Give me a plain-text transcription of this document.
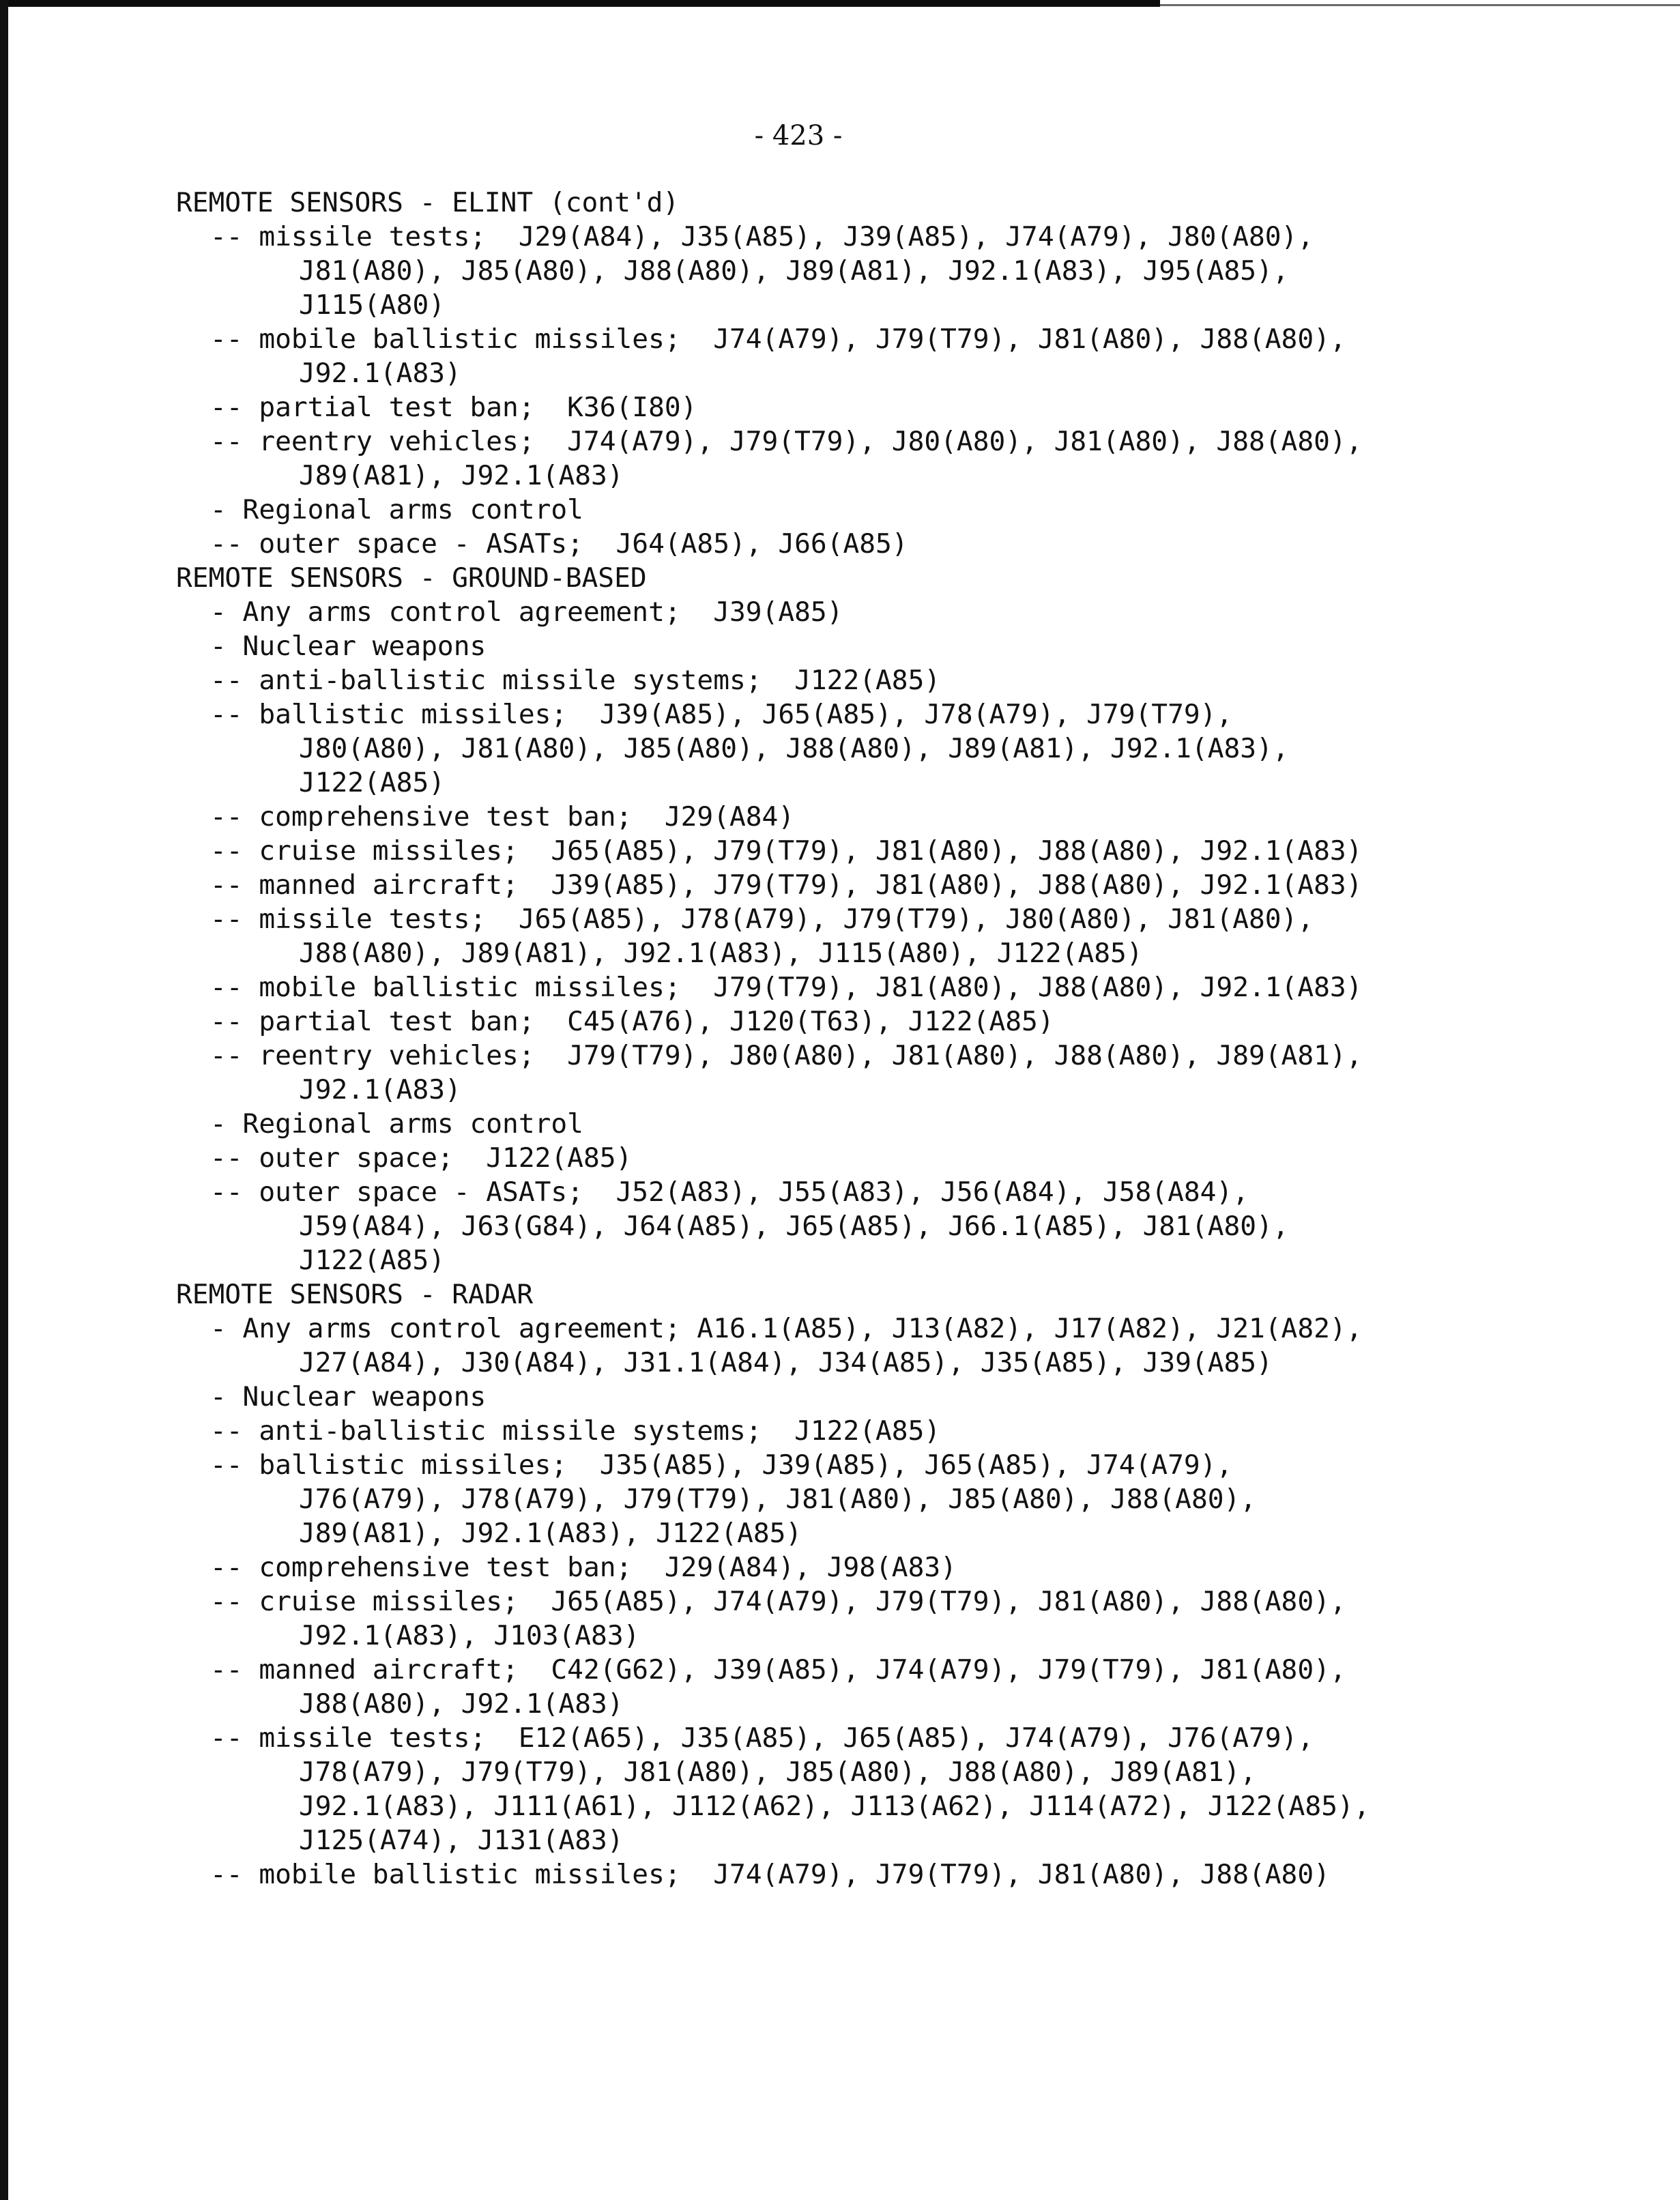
- 423 -
REMOTE SENSORS - ELINT (cont'd)
-- missile tests;  J29(A84), J35(A85), J39(A85), J74(A79), J80(A80),
J81(A80), J85(A80), J88(A80), J89(A81), J92.1(A83), J95(A85),
J115(A80)
-- mobile ballistic missiles;  J74(A79), J79(T79), J81(A80), J88(A80),
J92.1(A83)
-- partial test ban;  K36(I80)
-- reentry vehicles;  J74(A79), J79(T79), J80(A80), J81(A80), J88(A80),
J89(A81), J92.1(A83)
- Regional arms control
-- outer space - ASATs;  J64(A85), J66(A85)
REMOTE SENSORS - GROUND-BASED
- Any arms control agreement;  J39(A85)
- Nuclear weapons
-- anti-ballistic missile systems;  J122(A85)
-- ballistic missiles;  J39(A85), J65(A85), J78(A79), J79(T79),
J80(A80), J81(A80), J85(A80), J88(A80), J89(A81), J92.1(A83),
J122(A85)
-- comprehensive test ban;  J29(A84)
-- cruise missiles;  J65(A85), J79(T79), J81(A80), J88(A80), J92.1(A83)
-- manned aircraft;  J39(A85), J79(T79), J81(A80), J88(A80), J92.1(A83)
-- missile tests;  J65(A85), J78(A79), J79(T79), J80(A80), J81(A80),
J88(A80), J89(A81), J92.1(A83), J115(A80), J122(A85)
-- mobile ballistic missiles;  J79(T79), J81(A80), J88(A80), J92.1(A83)
-- partial test ban;  C45(A76), J120(T63), J122(A85)
-- reentry vehicles;  J79(T79), J80(A80), J81(A80), J88(A80), J89(A81),
J92.1(A83)
- Regional arms control
-- outer space;  J122(A85)
-- outer space - ASATs;  J52(A83), J55(A83), J56(A84), J58(A84),
J59(A84), J63(G84), J64(A85), J65(A85), J66.1(A85), J81(A80),
J122(A85)
REMOTE SENSORS - RADAR
- Any arms control agreement; A16.1(A85), J13(A82), J17(A82), J21(A82),
J27(A84), J30(A84), J31.1(A84), J34(A85), J35(A85), J39(A85)
- Nuclear weapons
-- anti-ballistic missile systems;  J122(A85)
-- ballistic missiles;  J35(A85), J39(A85), J65(A85), J74(A79),
J76(A79), J78(A79), J79(T79), J81(A80), J85(A80), J88(A80),
J89(A81), J92.1(A83), J122(A85)
-- comprehensive test ban;  J29(A84), J98(A83)
-- cruise missiles;  J65(A85), J74(A79), J79(T79), J81(A80), J88(A80),
J92.1(A83), J103(A83)
-- manned aircraft;  C42(G62), J39(A85), J74(A79), J79(T79), J81(A80),
J88(A80), J92.1(A83)
-- missile tests;  E12(A65), J35(A85), J65(A85), J74(A79), J76(A79),
J78(A79), J79(T79), J81(A80), J85(A80), J88(A80), J89(A81),
J92.1(A83), J111(A61), J112(A62), J113(A62), J114(A72), J122(A85),
J125(A74), J131(A83)
-- mobile ballistic missiles;  J74(A79), J79(T79), J81(A80), J88(A80)
